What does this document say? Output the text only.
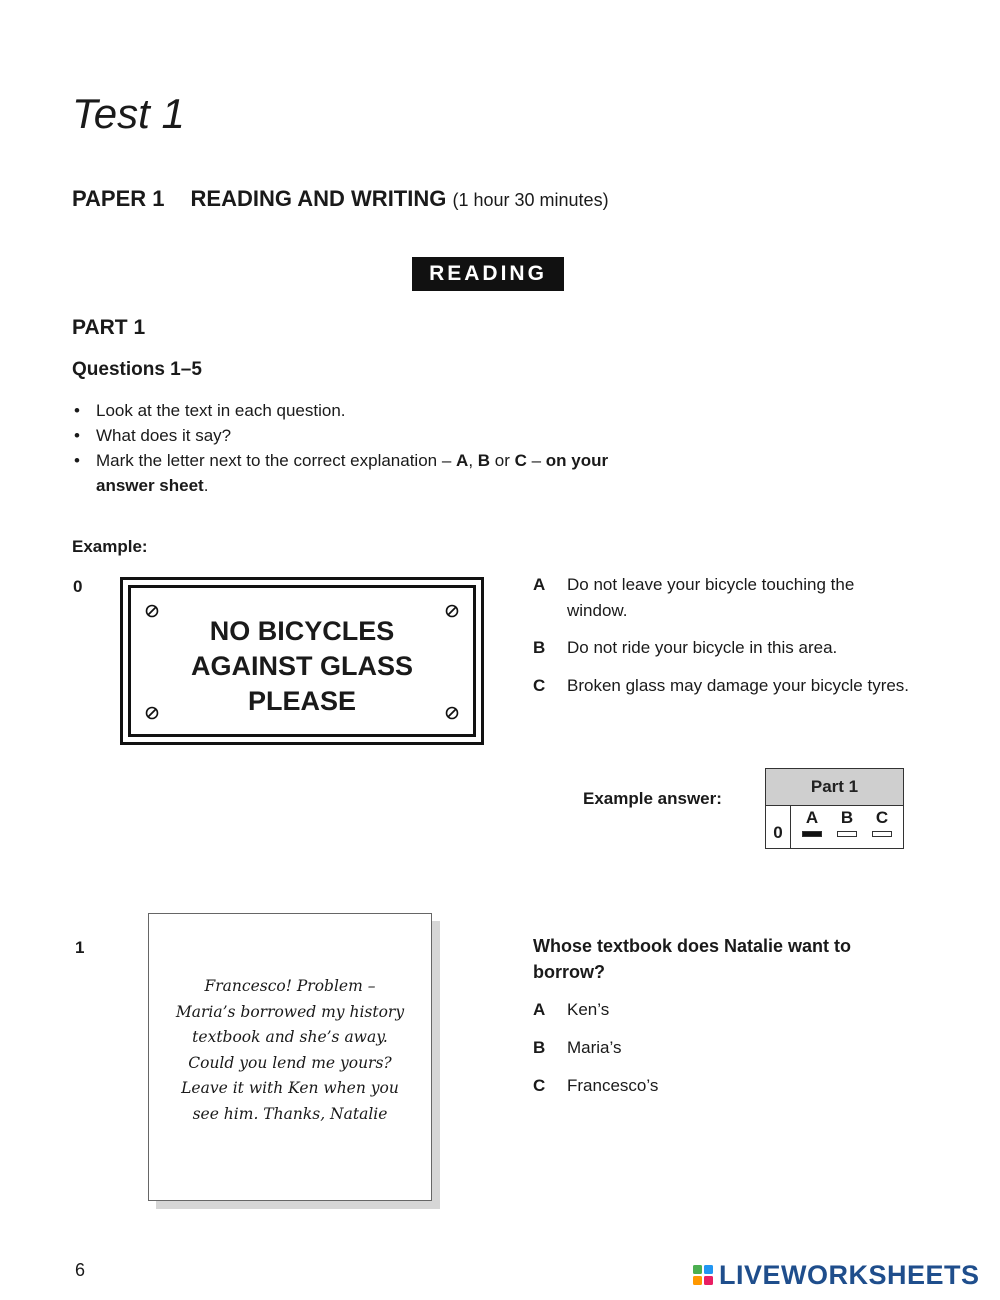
Test 1
PAPER 1 READING AND WRITING (1 hour 30 minutes)
READING
PART 1
Questions 1–5
• Look at the text in each question.
• What does it say?
• Mark the letter next to the correct explanation – A, B or C – on your
answer sheet.
Example:
0
NO BICYCLES
AGAINST GLASS
PLEASE
A Do not leave your bicycle touching the window.
B Do not ride your bicycle in this area.
C Broken glass may damage your bicycle tyres.
Example answer:
Part 1
0
A	B	C
1
Francesco! Problem –
Maria’s borrowed my history
textbook and she’s away.
Could you lend me yours?
Leave it with Ken when you
see him. Thanks, Natalie
Whose textbook does Natalie want to borrow?
A Ken’s
B Maria’s
C Francesco’s
6	LIVEWORKSHEETS
